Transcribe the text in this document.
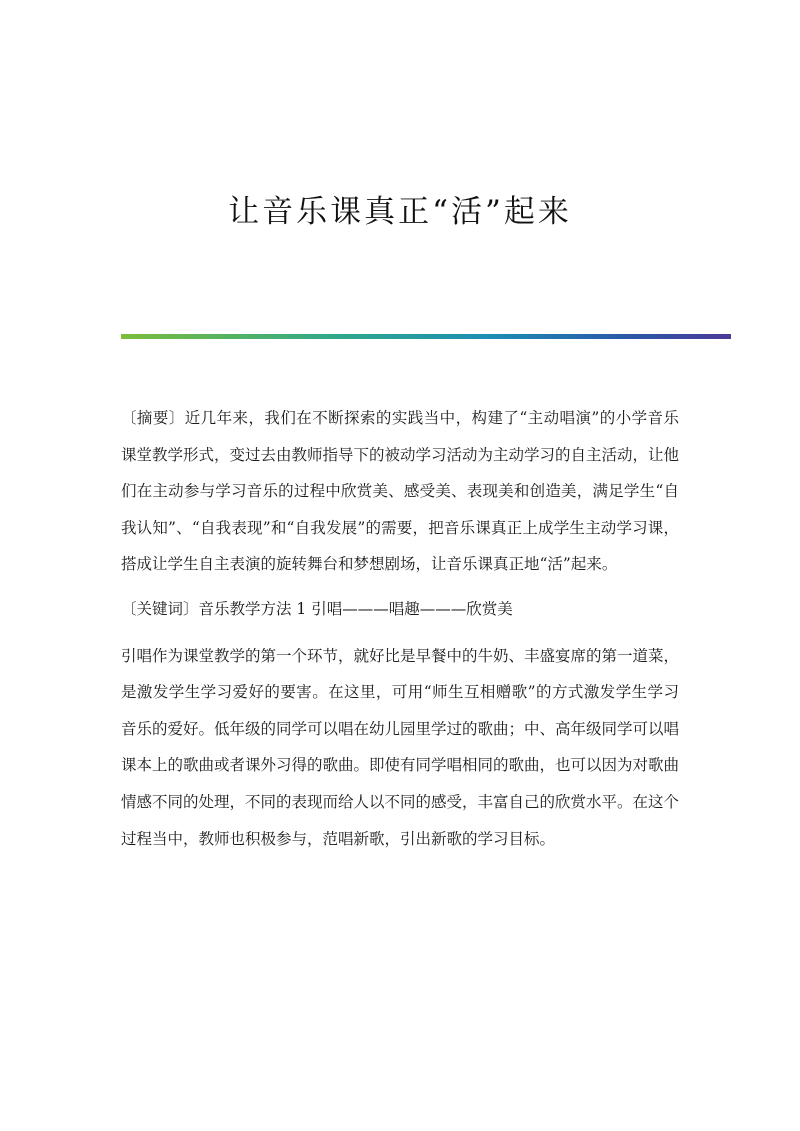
让音乐课真正“活”起来

〔摘要〕近几年来，我们在不断探索的实践当中，构建了“主动唱演”的小学音乐课堂教学形式，变过去由教师指导下的被动学习活动为主动学习的自主活动，让他们在主动参与学习音乐的过程中欣赏美、感受美、表现美和创造美，满足学生“自我认知”、“自我表现”和“自我发展”的需要，把音乐课真正上成学生主动学习课，搭成让学生自主表演的旋转舞台和梦想剧场，让音乐课真正地“活”起来。

〔关键词〕音乐教学方法 1 引唱———唱趣———欣赏美

引唱作为课堂教学的第一个环节，就好比是早餐中的牛奶、丰盛宴席的第一道菜，是激发学生学习爱好的要害。在这里，可用“师生互相赠歌”的方式激发学生学习音乐的爱好。低年级的同学可以唱在幼儿园里学过的歌曲；中、高年级同学可以唱课本上的歌曲或者课外习得的歌曲。即使有同学唱相同的歌曲，也可以因为对歌曲情感不同的处理，不同的表现而给人以不同的感受，丰富自己的欣赏水平。在这个过程当中，教师也积极参与，范唱新歌，引出新歌的学习目标。
